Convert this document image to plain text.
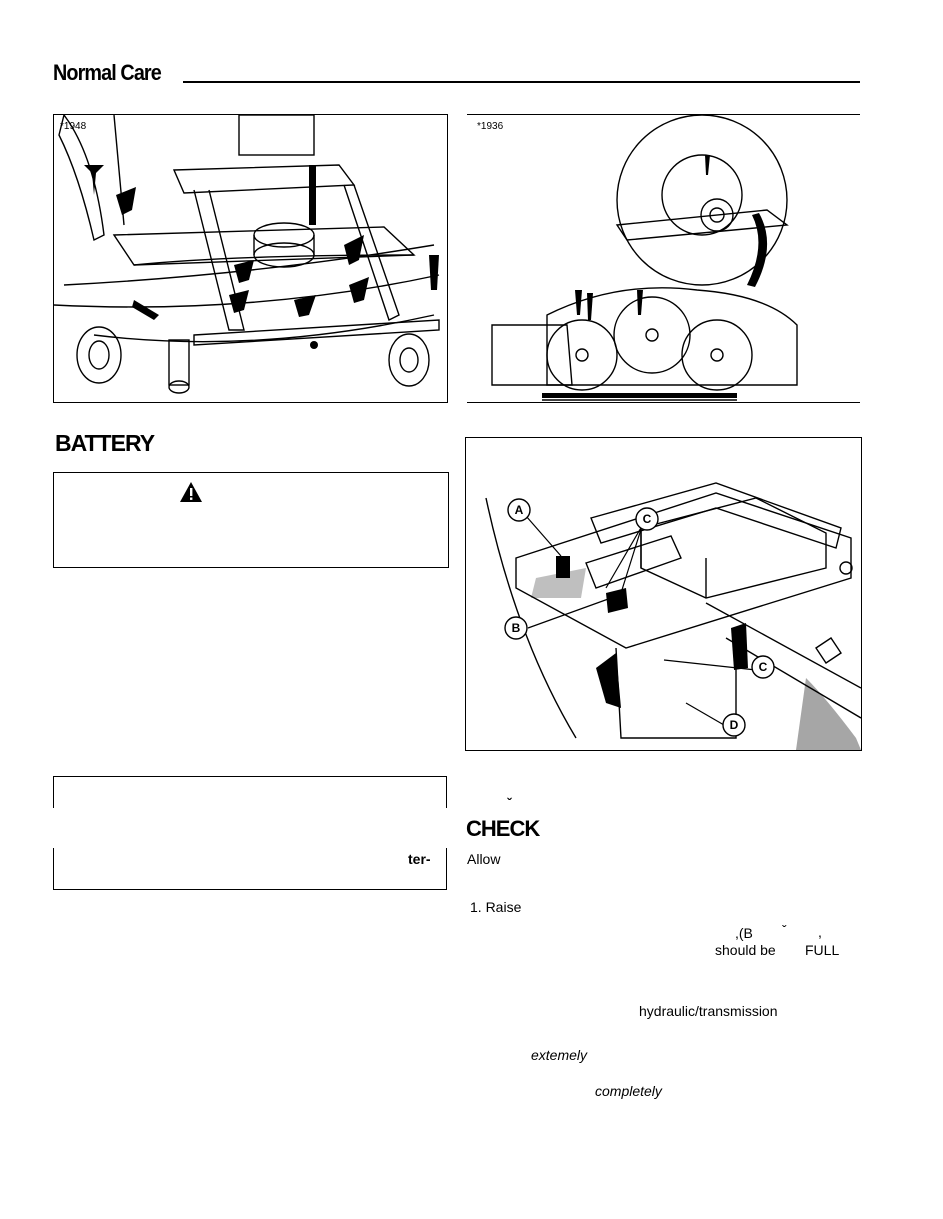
Normal Care
*1948	*1936
BATTERY
A
C
B
C
D
ter-
ˇ
CHECK
Allow
1. Raise
,(B ˇ ,
should be FULL
hydraulic/transmission
extemely
completely
